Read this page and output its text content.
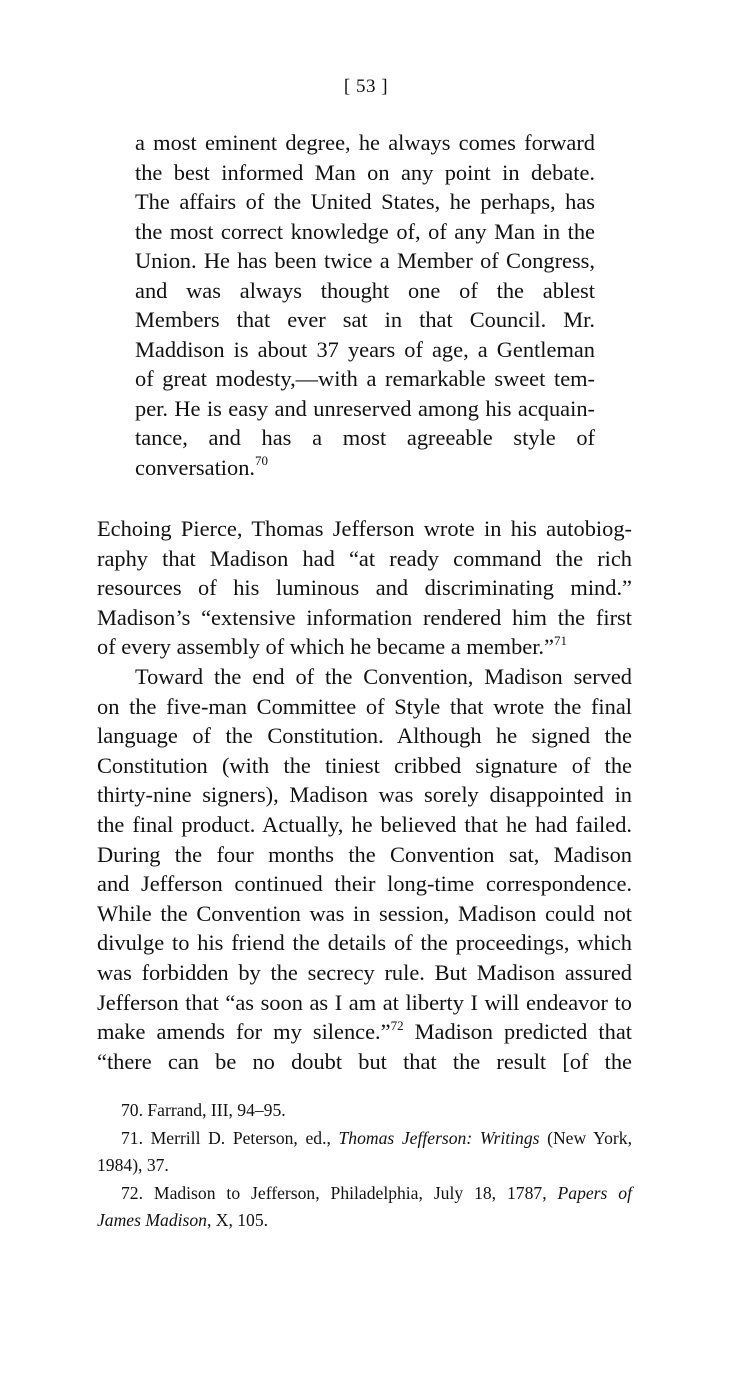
[ 53 ]
a most eminent degree, he always comes forward
the best informed Man on any point in debate.
The affairs of the United States, he perhaps, has
the most correct knowledge of, of any Man in the
Union. He has been twice a Member of Congress,
and was always thought one of the ablest
Members that ever sat in that Council. Mr.
Maddison is about 37 years of age, a Gentleman
of great modesty,—with a remarkable sweet tem-
per. He is easy and unreserved among his acquain-
tance, and has a most agreeable style of
conversation.$^{70}$
Echoing Pierce, Thomas Jefferson wrote in his autobiog-
raphy that Madison had “at ready command the rich
resources of his luminous and discriminating mind.”
Madison’s “extensive information rendered him the first
of every assembly of which he became a member.”$^{71}$
Toward the end of the Convention, Madison served
on the five-man Committee of Style that wrote the final
language of the Constitution. Although he signed the
Constitution (with the tiniest cribbed signature of the
thirty-nine signers), Madison was sorely disappointed in
the final product. Actually, he believed that he had failed.
During the four months the Convention sat, Madison
and Jefferson continued their long-time correspondence.
While the Convention was in session, Madison could not
divulge to his friend the details of the proceedings, which
was forbidden by the secrecy rule. But Madison assured
Jefferson that “as soon as I am at liberty I will endeavor to
make amends for my silence.”$^{72}$ Madison predicted that
“there can be no doubt but that the result [of the
70. Farrand, III, 94–95.
71. Merrill D. Peterson, ed., Thomas Jefferson: Writings (New York,
1984), 37.
72. Madison to Jefferson, Philadelphia, July 18, 1787, Papers of
James Madison, X, 105.
